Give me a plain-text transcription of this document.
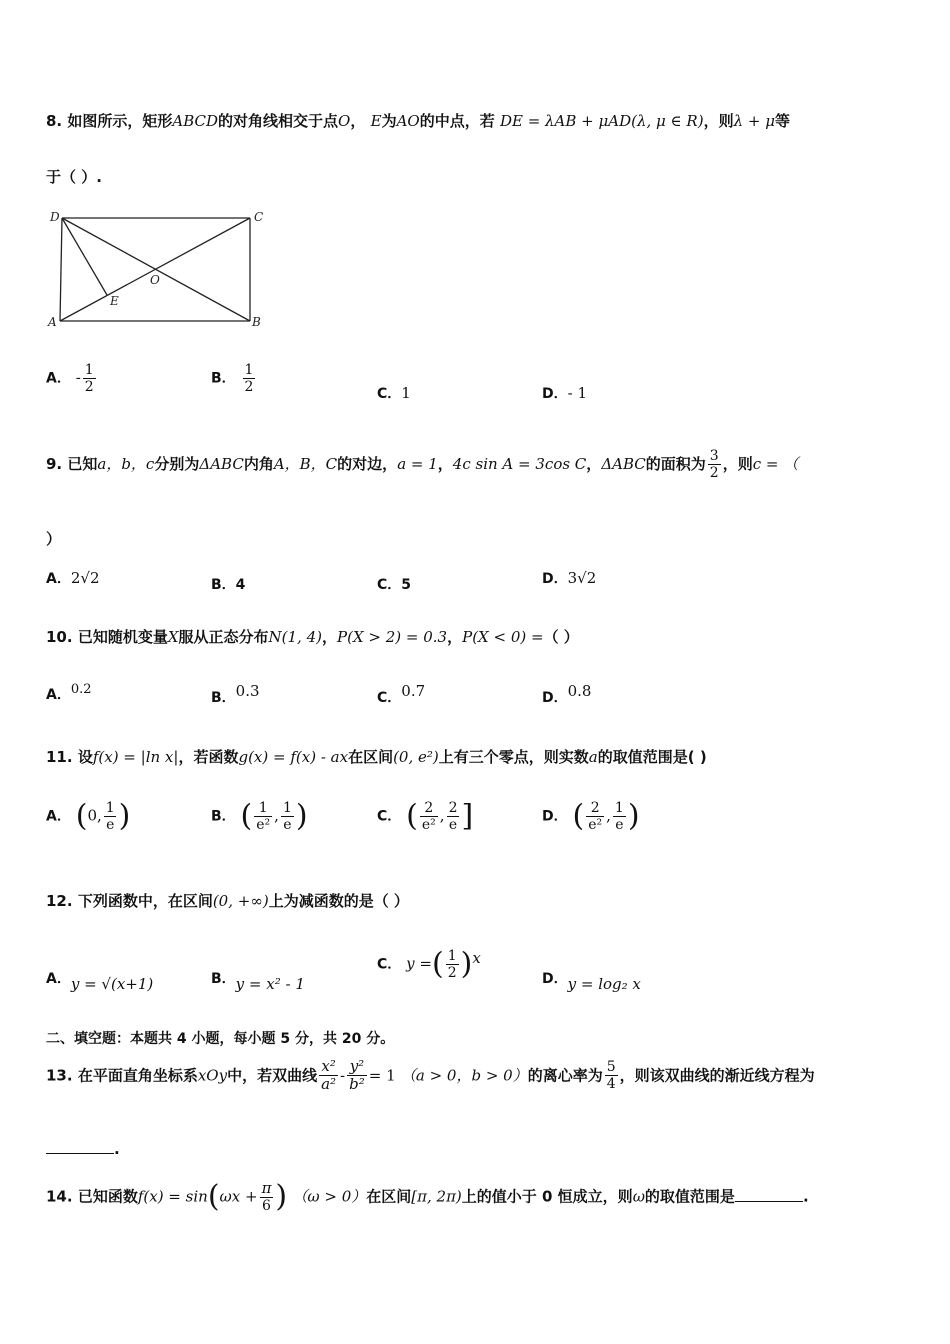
8. 如图所示，矩形ABCD的对角线相交于点O， E为AO的中点，若 DE = λAB + μAD(λ, μ ∈ R)，则λ + μ等
于（ ）.
D	C
O
E
A	B
A． - $\frac{1}{2}$	B． $\frac{1}{2}$	C．1	D．- 1
9. 已知a，b，c分别为ΔABC内角A，B，C的对边，a = 1，4c sin A = 3cos C，ΔABC的面积为 $\frac{3}{2}$ ，则c = （
）
A．2√2	B．4	C．5	D．3√2
10. 已知随机变量X服从正态分布N(1, 4)，P(X > 2) = 0.3，P(X < 0) =（ ）
A．0.2
B．0.3	C．0.7	D．0.8
11. 设f(x) = |ln x|，若函数g(x) = f(x) - ax在区间(0, e²)上有三个零点，则实数a的取值范围是( )
A． (0, $\frac{1}{e}$ )	B． ( $\frac{1}{\text{e²}}$ , $\frac{1}{e}$ )	C． ( $\frac{2}{\text{e²}}$ , $\frac{2}{e}$ ]	D． ( $\frac{2}{\text{e²}}$ , $\frac{1}{e}$ )
12. 下列函数中，在区间(0, +∞)上为减函数的是（ ）
A．y = √(x+1)	B．y = x² - 1
C． y =( $\frac{1}{2} )^x$
D．y = log₂ x
二、填空题：本题共 4 小题，每小题 5 分，共 20 分。
13. 在平面直角坐标系xOy中，若双曲线 $\frac{\text{x²}}{\text{a²}} - \frac{\text{y²}}{\text{b²}} = 1$ （a > 0，b > 0）的离心率为 $\frac{5}{4}$ ，则该双曲线的渐近线方程为
.
14. 已知函数$f(x) = \sin(\omega x + \frac{\pi}{6}$ ) （ω > 0）在区间[π, 2π)上的值小于 0 恒成立，则ω的取值范围是	.
